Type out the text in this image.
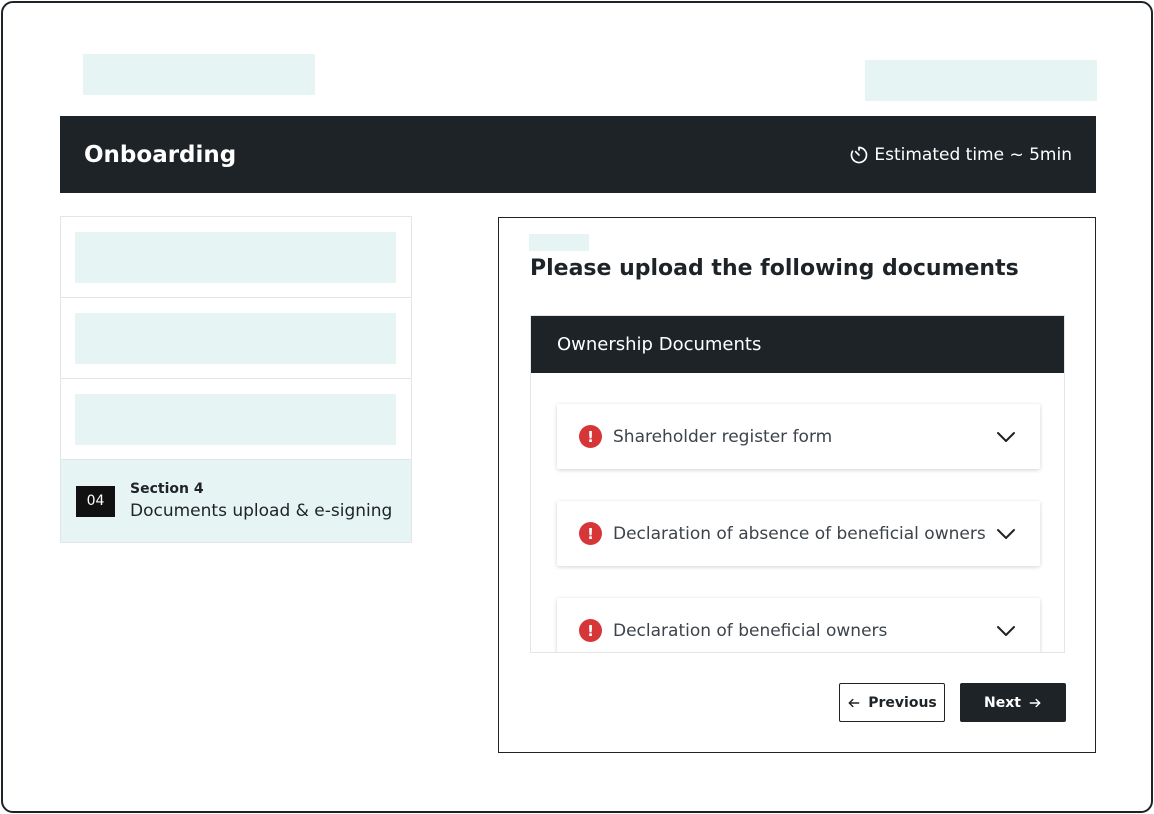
Onboarding	Estimated time ~ 5min
04
Section 4
Documents upload & e-signing
Please upload the following documents
Ownership Documents
!	Shareholder register form
!	Declaration of absence of beneficial owners
!	Declaration of beneficial owners
Previous	Next
